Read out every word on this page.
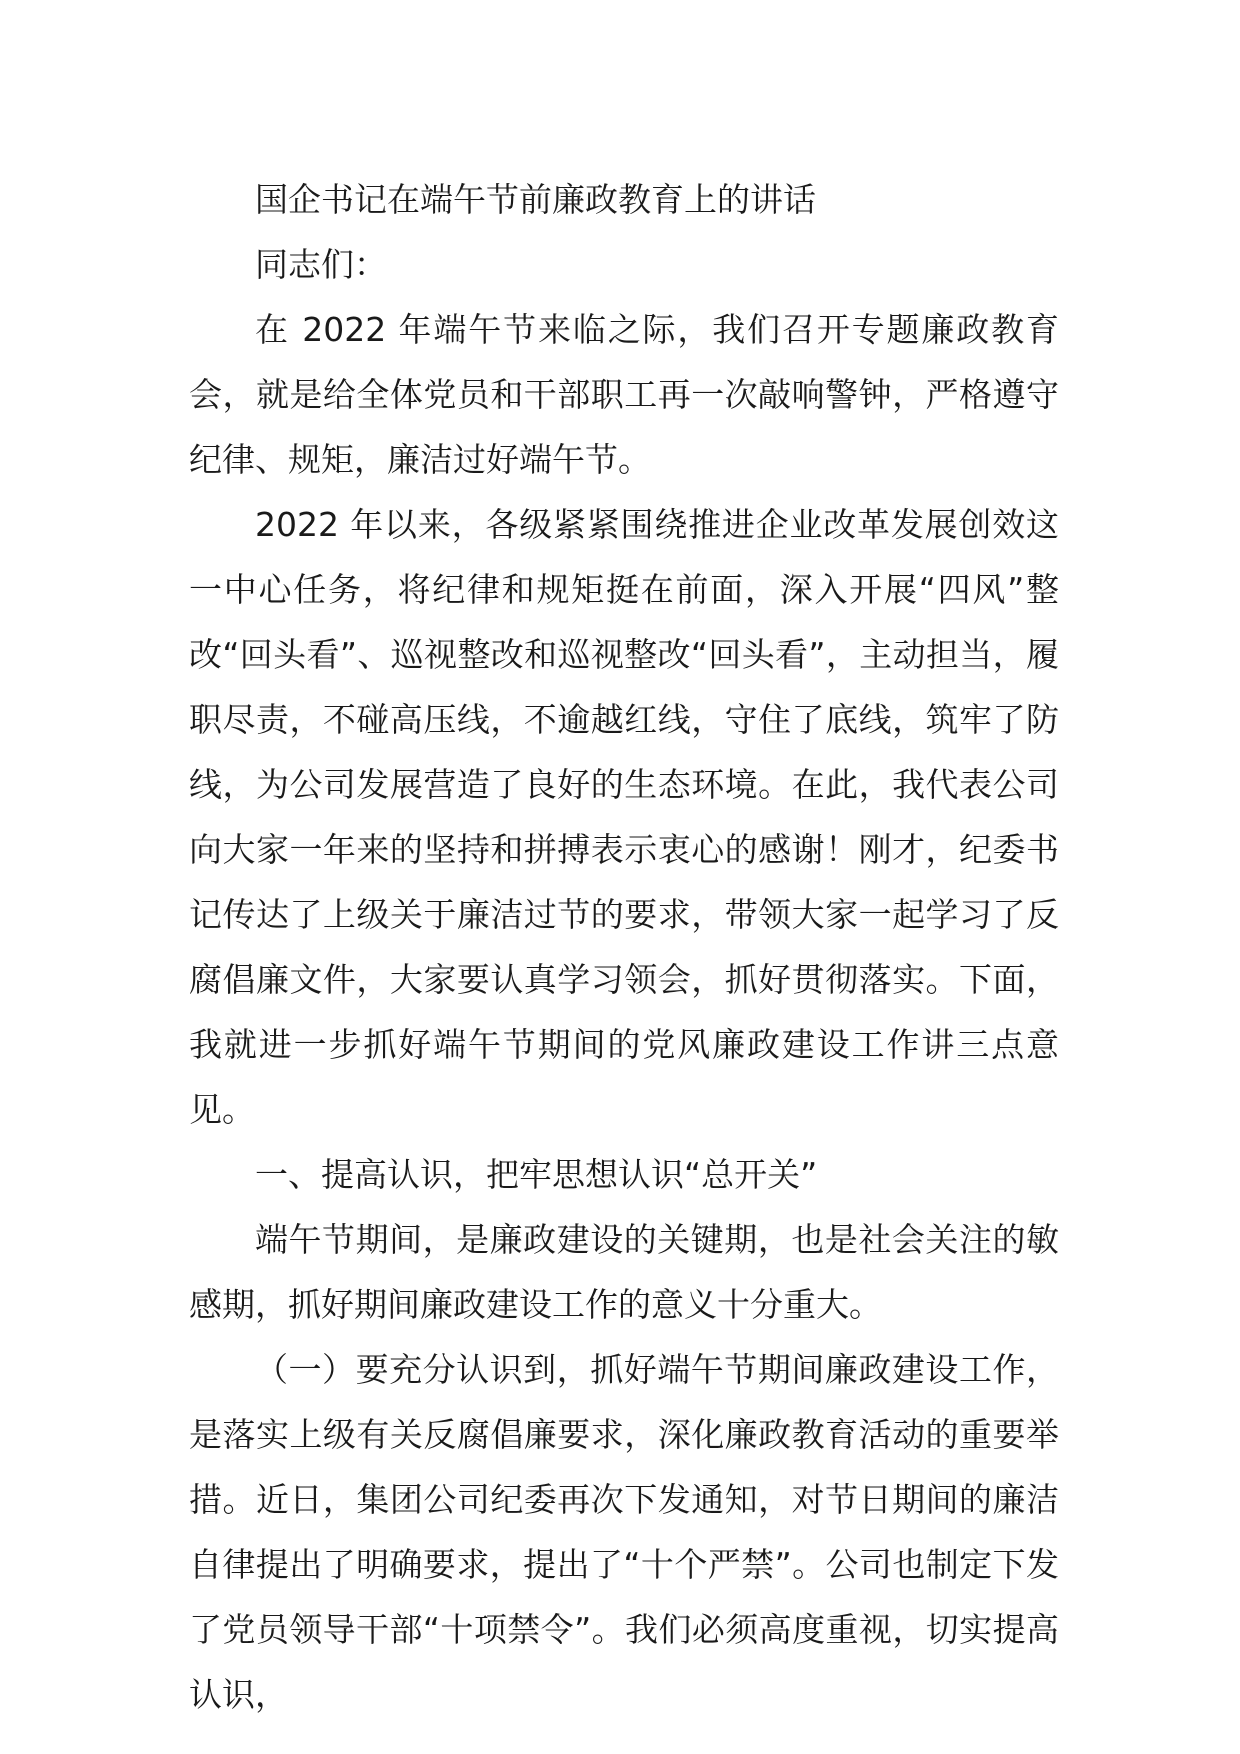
国企书记在端午节前廉政教育上的讲话

同志们：

在 2022 年端午节来临之际，我们召开专题廉政教育会，就是给全体党员和干部职工再一次敲响警钟，严格遵守纪律、规矩，廉洁过好端午节。

2022 年以来，各级紧紧围绕推进企业改革发展创效这一中心任务，将纪律和规矩挺在前面，深入开展“四风”整改“回头看”、巡视整改和巡视整改“回头看”，主动担当，履职尽责，不碰高压线，不逾越红线，守住了底线，筑牢了防线，为公司发展营造了良好的生态环境。在此，我代表公司向大家一年来的坚持和拼搏表示衷心的感谢！刚才，纪委书记传达了上级关于廉洁过节的要求，带领大家一起学习了反腐倡廉文件，大家要认真学习领会，抓好贯彻落实。下面，我就进一步抓好端午节期间的党风廉政建设工作讲三点意见。

一、提高认识，把牢思想认识“总开关”

端午节期间，是廉政建设的关键期，也是社会关注的敏感期，抓好期间廉政建设工作的意义十分重大。

（一）要充分认识到，抓好端午节期间廉政建设工作，是落实上级有关反腐倡廉要求，深化廉政教育活动的重要举措。近日，集团公司纪委再次下发通知，对节日期间的廉洁自律提出了明确要求，提出了“十个严禁”。公司也制定下发了党员领导干部“十项禁令”。我们必须高度重视，切实提高认识，
